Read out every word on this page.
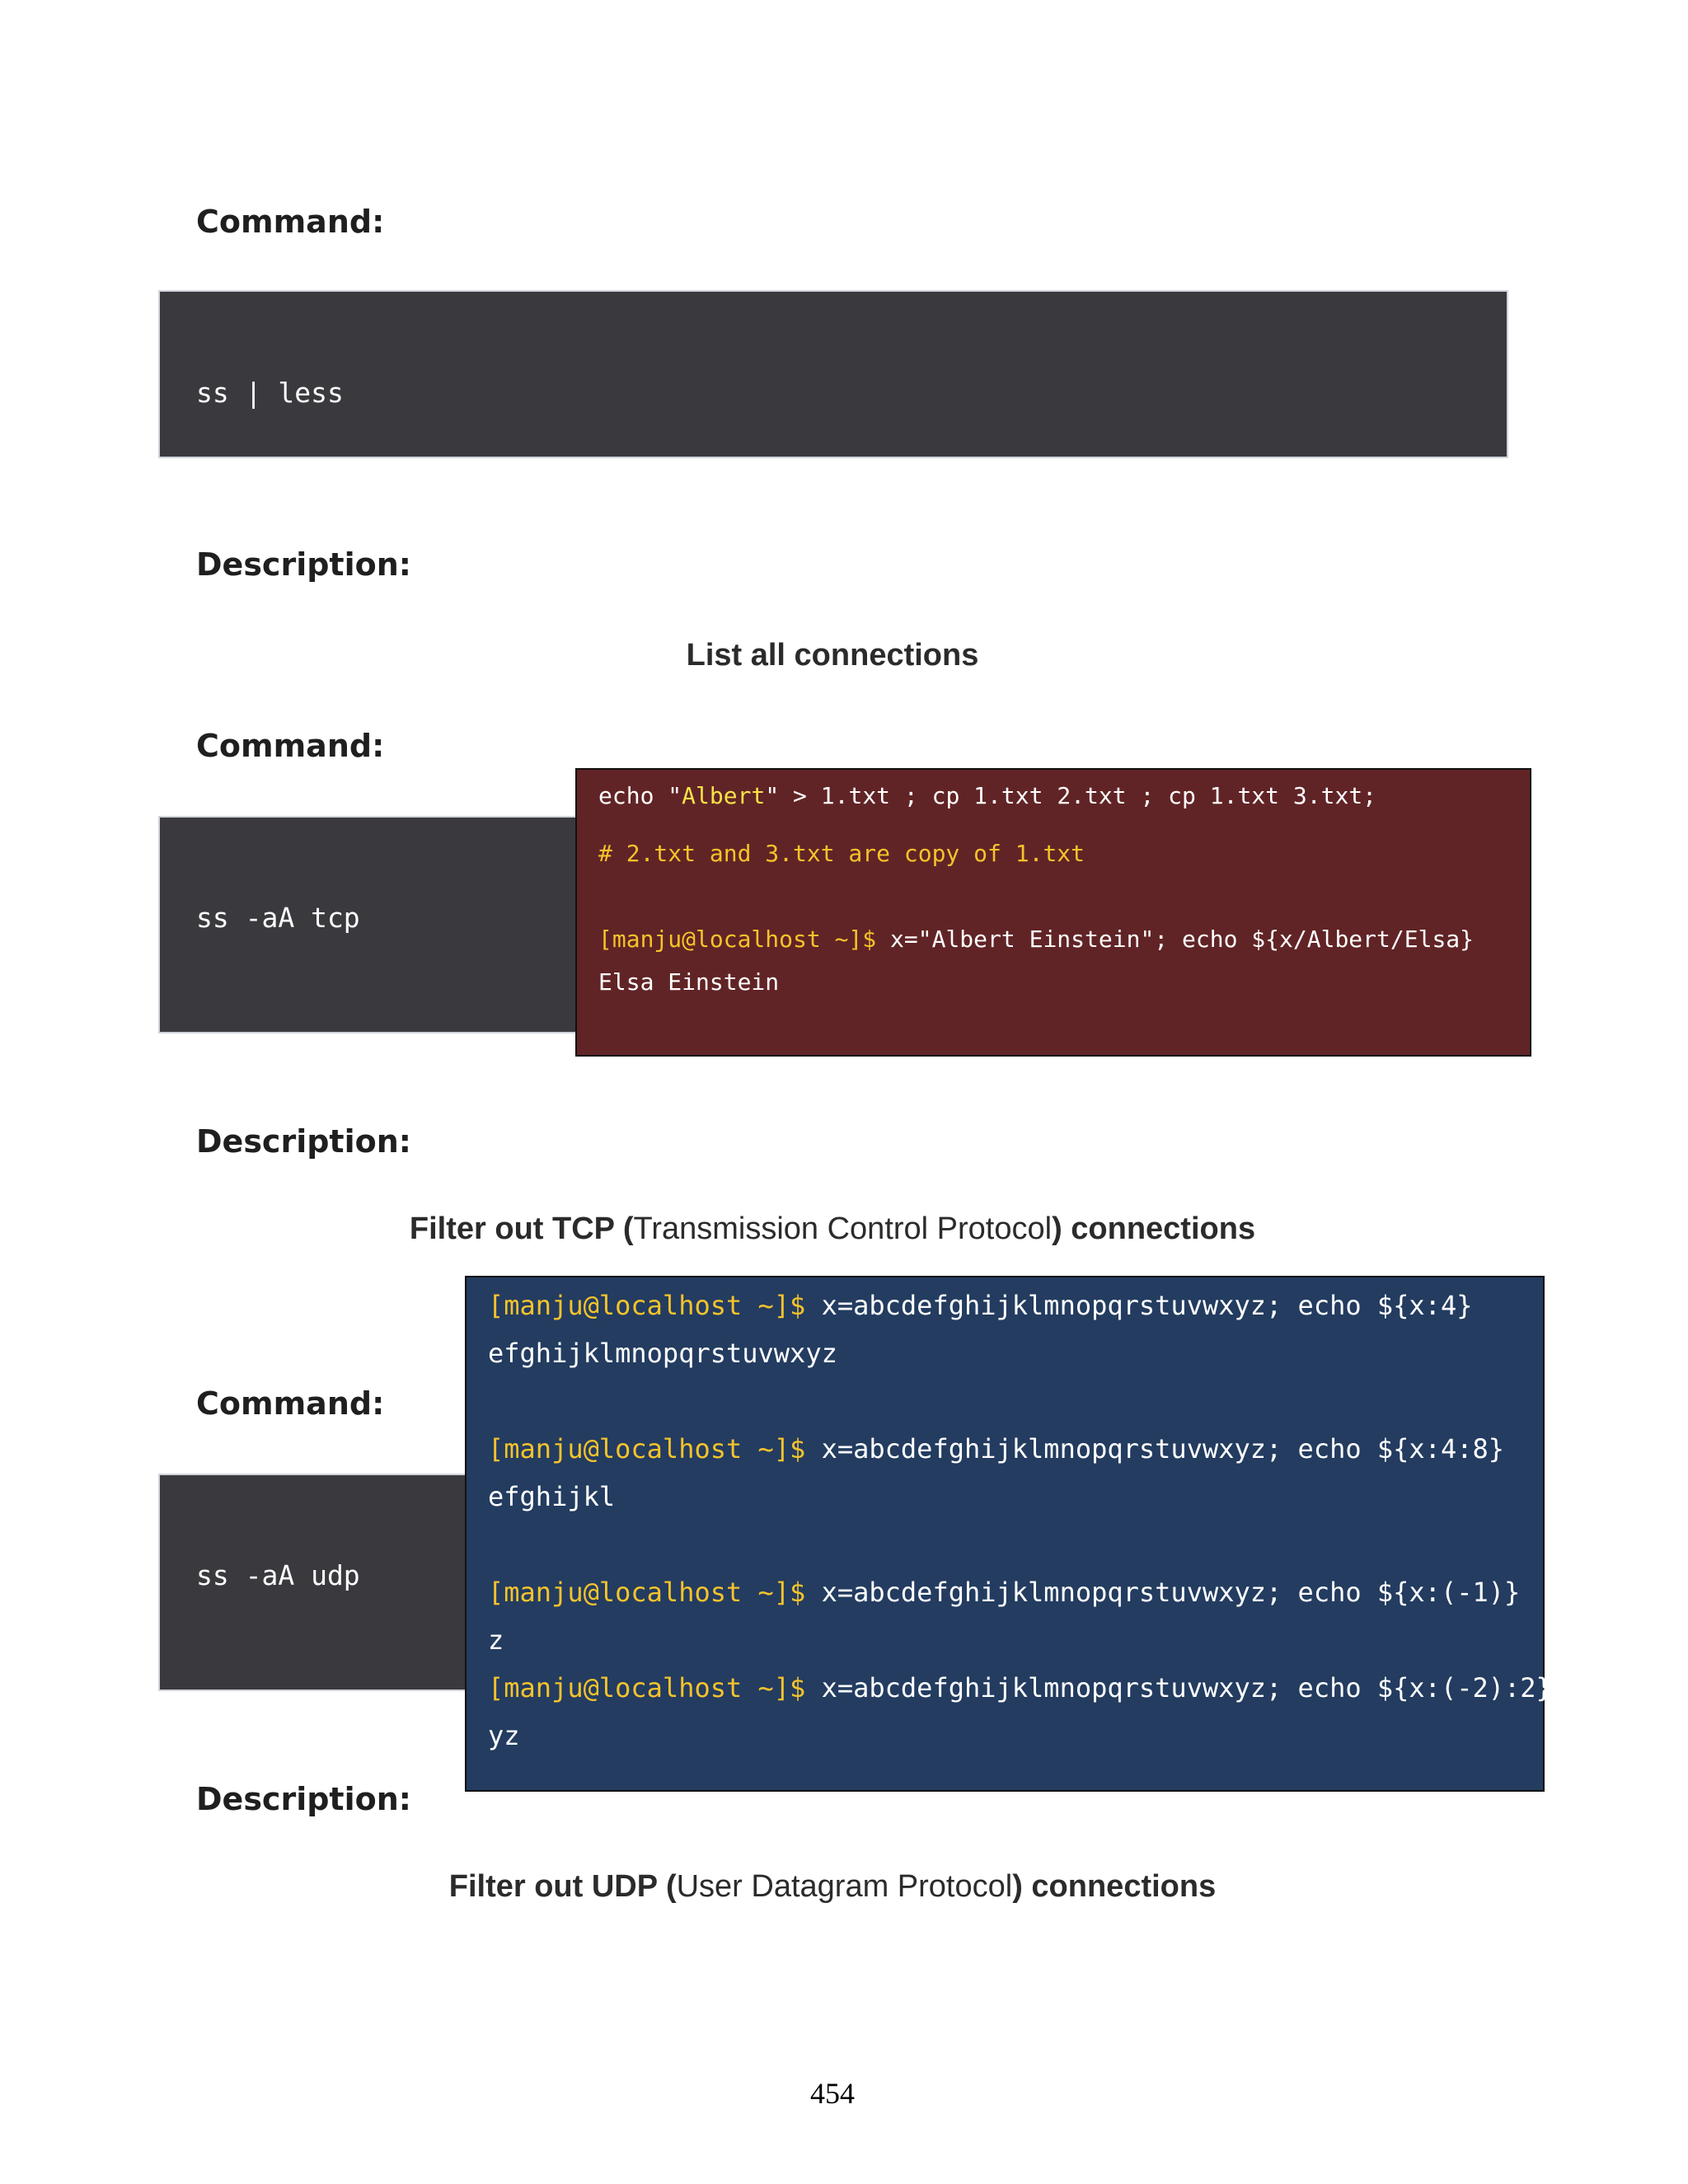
Command:
ss | less
Description:

List all connections

Command:
ss -aA tcp
echo "Albert" > 1.txt ; cp 1.txt 2.txt ; cp 1.txt 3.txt;
# 2.txt and 3.txt are copy of 1.txt
[manju@localhost ~]$ x="Albert Einstein"; echo ${x/Albert/Elsa}
Elsa Einstein
Description:

Filter out TCP (Transmission Control Protocol) connections

Command:
ss -aA udp
[manju@localhost ~]$ x=abcdefghijklmnopqrstuvwxyz; echo ${x:4}
efghijklmnopqrstuvwxyz
[manju@localhost ~]$ x=abcdefghijklmnopqrstuvwxyz; echo ${x:4:8}
efghijkl
[manju@localhost ~]$ x=abcdefghijklmnopqrstuvwxyz; echo ${x:(-1)}
z
[manju@localhost ~]$ x=abcdefghijklmnopqrstuvwxyz; echo ${x:(-2):2}
yz
Description:

Filter out UDP (User Datagram Protocol) connections

454
